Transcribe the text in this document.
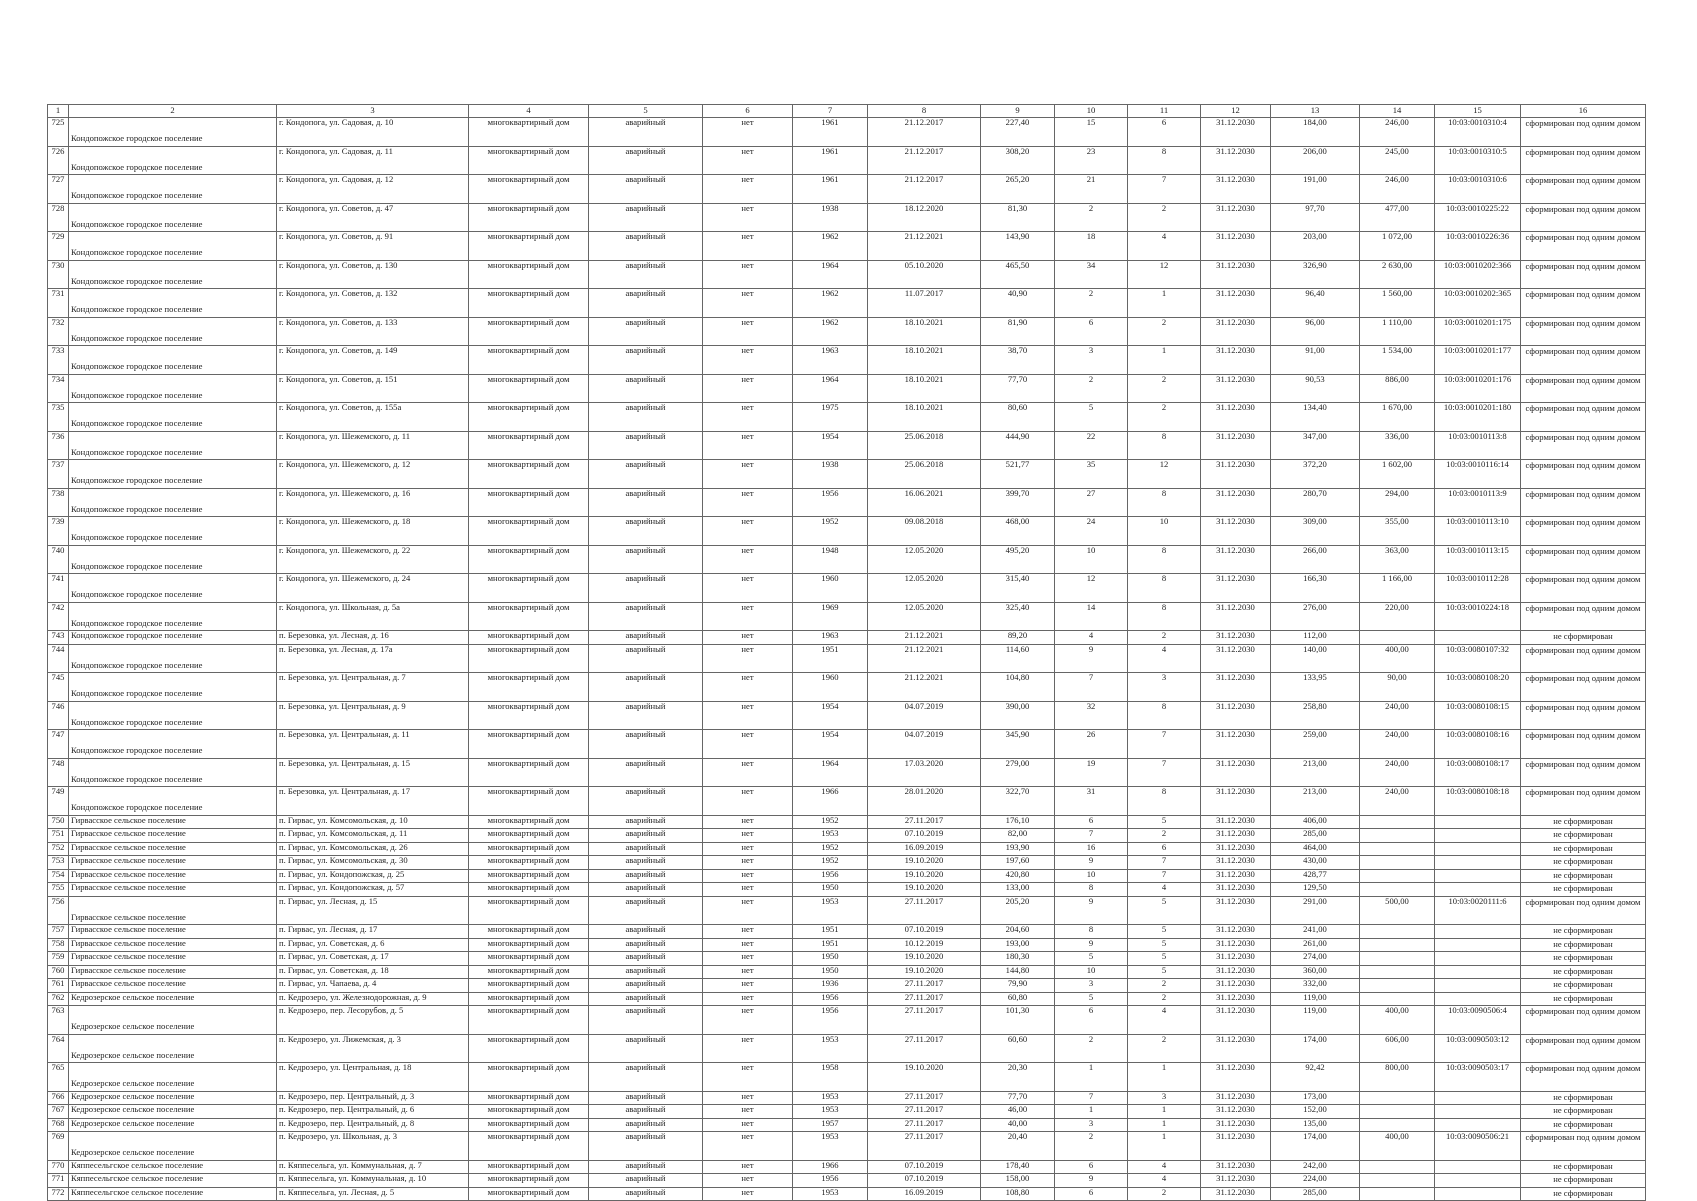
1	2	3	4	5	6	7	8	9	10	11	12	13	14	15	16
725	Кондопожское городское поселение	г. Кондопога, ул. Садовая, д. 10	многоквартирный дом	аварийный	нет	1961	21.12.2017	227,40	15	6	31.12.2030	184,00	246,00	10:03:0010310:4	сформирован под одним домом
726	Кондопожское городское поселение	г. Кондопога, ул. Садовая, д. 11	многоквартирный дом	аварийный	нет	1961	21.12.2017	308,20	23	8	31.12.2030	206,00	245,00	10:03:0010310:5	сформирован под одним домом
727	Кондопожское городское поселение	г. Кондопога, ул. Садовая, д. 12	многоквартирный дом	аварийный	нет	1961	21.12.2017	265,20	21	7	31.12.2030	191,00	246,00	10:03:0010310:6	сформирован под одним домом
728	Кондопожское городское поселение	г. Кондопога, ул. Советов, д. 47	многоквартирный дом	аварийный	нет	1938	18.12.2020	81,30	2	2	31.12.2030	97,70	477,00	10:03:0010225:22	сформирован под одним домом
729	Кондопожское городское поселение	г. Кондопога, ул. Советов, д. 91	многоквартирный дом	аварийный	нет	1962	21.12.2021	143,90	18	4	31.12.2030	203,00	1 072,00	10:03:0010226:36	сформирован под одним домом
730	Кондопожское городское поселение	г. Кондопога, ул. Советов, д. 130	многоквартирный дом	аварийный	нет	1964	05.10.2020	465,50	34	12	31.12.2030	326,90	2 630,00	10:03:0010202:366	сформирован под одним домом
731	Кондопожское городское поселение	г. Кондопога, ул. Советов, д. 132	многоквартирный дом	аварийный	нет	1962	11.07.2017	40,90	2	1	31.12.2030	96,40	1 560,00	10:03:0010202:365	сформирован под одним домом
732	Кондопожское городское поселение	г. Кондопога, ул. Советов, д. 133	многоквартирный дом	аварийный	нет	1962	18.10.2021	81,90	6	2	31.12.2030	96,00	1 110,00	10:03:0010201:175	сформирован под одним домом
733	Кондопожское городское поселение	г. Кондопога, ул. Советов, д. 149	многоквартирный дом	аварийный	нет	1963	18.10.2021	38,70	3	1	31.12.2030	91,00	1 534,00	10:03:0010201:177	сформирован под одним домом
734	Кондопожское городское поселение	г. Кондопога, ул. Советов, д. 151	многоквартирный дом	аварийный	нет	1964	18.10.2021	77,70	2	2	31.12.2030	90,53	886,00	10:03:0010201:176	сформирован под одним домом
735	Кондопожское городское поселение	г. Кондопога, ул. Советов, д. 155а	многоквартирный дом	аварийный	нет	1975	18.10.2021	80,60	5	2	31.12.2030	134,40	1 670,00	10:03:0010201:180	сформирован под одним домом
736	Кондопожское городское поселение	г. Кондопога, ул. Шежемского, д. 11	многоквартирный дом	аварийный	нет	1954	25.06.2018	444,90	22	8	31.12.2030	347,00	336,00	10:03:0010113:8	сформирован под одним домом
737	Кондопожское городское поселение	г. Кондопога, ул. Шежемского, д. 12	многоквартирный дом	аварийный	нет	1938	25.06.2018	521,77	35	12	31.12.2030	372,20	1 602,00	10:03:0010116:14	сформирован под одним домом
738	Кондопожское городское поселение	г. Кондопога, ул. Шежемского, д. 16	многоквартирный дом	аварийный	нет	1956	16.06.2021	399,70	27	8	31.12.2030	280,70	294,00	10:03:0010113:9	сформирован под одним домом
739	Кондопожское городское поселение	г. Кондопога, ул. Шежемского, д. 18	многоквартирный дом	аварийный	нет	1952	09.08.2018	468,00	24	10	31.12.2030	309,00	355,00	10:03:0010113:10	сформирован под одним домом
740	Кондопожское городское поселение	г. Кондопога, ул. Шежемского, д. 22	многоквартирный дом	аварийный	нет	1948	12.05.2020	495,20	10	8	31.12.2030	266,00	363,00	10:03:0010113:15	сформирован под одним домом
741	Кондопожское городское поселение	г. Кондопога, ул. Шежемского, д. 24	многоквартирный дом	аварийный	нет	1960	12.05.2020	315,40	12	8	31.12.2030	166,30	1 166,00	10:03:0010112:28	сформирован под одним домом
742	Кондопожское городское поселение	г. Кондопога, ул. Школьная, д. 5а	многоквартирный дом	аварийный	нет	1969	12.05.2020	325,40	14	8	31.12.2030	276,00	220,00	10:03:0010224:18	сформирован под одним домом
743	Кондопожское городское поселение	п. Березовка, ул. Лесная, д. 16	многоквартирный дом	аварийный	нет	1963	21.12.2021	89,20	4	2	31.12.2030	112,00			не сформирован
744	Кондопожское городское поселение	п. Березовка, ул. Лесная, д. 17а	многоквартирный дом	аварийный	нет	1951	21.12.2021	114,60	9	4	31.12.2030	140,00	400,00	10:03:0080107:32	сформирован под одним домом
745	Кондопожское городское поселение	п. Березовка, ул. Центральная, д. 7	многоквартирный дом	аварийный	нет	1960	21.12.2021	104,80	7	3	31.12.2030	133,95	90,00	10:03:0080108:20	сформирован под одним домом
746	Кондопожское городское поселение	п. Березовка, ул. Центральная, д. 9	многоквартирный дом	аварийный	нет	1954	04.07.2019	390,00	32	8	31.12.2030	258,80	240,00	10:03:0080108:15	сформирован под одним домом
747	Кондопожское городское поселение	п. Березовка, ул. Центральная, д. 11	многоквартирный дом	аварийный	нет	1954	04.07.2019	345,90	26	7	31.12.2030	259,00	240,00	10:03:0080108:16	сформирован под одним домом
748	Кондопожское городское поселение	п. Березовка, ул. Центральная, д. 15	многоквартирный дом	аварийный	нет	1964	17.03.2020	279,00	19	7	31.12.2030	213,00	240,00	10:03:0080108:17	сформирован под одним домом
749	Кондопожское городское поселение	п. Березовка, ул. Центральная, д. 17	многоквартирный дом	аварийный	нет	1966	28.01.2020	322,70	31	8	31.12.2030	213,00	240,00	10:03:0080108:18	сформирован под одним домом
750	Гирвасское сельское поселение	п. Гирвас, ул. Комсомольская, д. 10	многоквартирный дом	аварийный	нет	1952	27.11.2017	176,10	6	5	31.12.2030	406,00			не сформирован
751	Гирвасское сельское поселение	п. Гирвас, ул. Комсомольская, д. 11	многоквартирный дом	аварийный	нет	1953	07.10.2019	82,00	7	2	31.12.2030	285,00			не сформирован
752	Гирвасское сельское поселение	п. Гирвас, ул. Комсомольская, д. 26	многоквартирный дом	аварийный	нет	1952	16.09.2019	193,90	16	6	31.12.2030	464,00			не сформирован
753	Гирвасское сельское поселение	п. Гирвас, ул. Комсомольская, д. 30	многоквартирный дом	аварийный	нет	1952	19.10.2020	197,60	9	7	31.12.2030	430,00			не сформирован
754	Гирвасское сельское поселение	п. Гирвас, ул. Кондопожская, д. 25	многоквартирный дом	аварийный	нет	1956	19.10.2020	420,80	10	7	31.12.2030	428,77			не сформирован
755	Гирвасское сельское поселение	п. Гирвас, ул. Кондопожская, д. 57	многоквартирный дом	аварийный	нет	1950	19.10.2020	133,00	8	4	31.12.2030	129,50			не сформирован
756	Гирвасское сельское поселение	п. Гирвас, ул. Лесная, д. 15	многоквартирный дом	аварийный	нет	1953	27.11.2017	205,20	9	5	31.12.2030	291,00	500,00	10:03:0020111:6	сформирован под одним домом
757	Гирвасское сельское поселение	п. Гирвас, ул. Лесная, д. 17	многоквартирный дом	аварийный	нет	1951	07.10.2019	204,60	8	5	31.12.2030	241,00			не сформирован
758	Гирвасское сельское поселение	п. Гирвас, ул. Советская, д. 6	многоквартирный дом	аварийный	нет	1951	10.12.2019	193,00	9	5	31.12.2030	261,00			не сформирован
759	Гирвасское сельское поселение	п. Гирвас, ул. Советская, д. 17	многоквартирный дом	аварийный	нет	1950	19.10.2020	180,30	5	5	31.12.2030	274,00			не сформирован
760	Гирвасское сельское поселение	п. Гирвас, ул. Советская, д. 18	многоквартирный дом	аварийный	нет	1950	19.10.2020	144,80	10	5	31.12.2030	360,00			не сформирован
761	Гирвасское сельское поселение	п. Гирвас, ул. Чапаева, д. 4	многоквартирный дом	аварийный	нет	1936	27.11.2017	79,90	3	2	31.12.2030	332,00			не сформирован
762	Кедрозерское сельское поселение	п. Кедрозеро, ул. Железнодорожная, д. 9	многоквартирный дом	аварийный	нет	1956	27.11.2017	60,80	5	2	31.12.2030	119,00			не сформирован
763	Кедрозерское сельское поселение	п. Кедрозеро, пер. Лесорубов, д. 5	многоквартирный дом	аварийный	нет	1956	27.11.2017	101,30	6	4	31.12.2030	119,00	400,00	10:03:0090506:4	сформирован под одним домом
764	Кедрозерское сельское поселение	п. Кедрозеро, ул. Лижемская, д. 3	многоквартирный дом	аварийный	нет	1953	27.11.2017	60,60	2	2	31.12.2030	174,00	606,00	10:03:0090503:12	сформирован под одним домом
765	Кедрозерское сельское поселение	п. Кедрозеро, ул. Центральная, д. 18	многоквартирный дом	аварийный	нет	1958	19.10.2020	20,30	1	1	31.12.2030	92,42	800,00	10:03:0090503:17	сформирован под одним домом
766	Кедрозерское сельское поселение	п. Кедрозеро, пер. Центральный, д. 3	многоквартирный дом	аварийный	нет	1953	27.11.2017	77,70	7	3	31.12.2030	173,00			не сформирован
767	Кедрозерское сельское поселение	п. Кедрозеро, пер. Центральный, д. 6	многоквартирный дом	аварийный	нет	1953	27.11.2017	46,00	1	1	31.12.2030	152,00			не сформирован
768	Кедрозерское сельское поселение	п. Кедрозеро, пер. Центральный, д. 8	многоквартирный дом	аварийный	нет	1957	27.11.2017	40,00	3	1	31.12.2030	135,00			не сформирован
769	Кедрозерское сельское поселение	п. Кедрозеро, ул. Школьная, д. 3	многоквартирный дом	аварийный	нет	1953	27.11.2017	20,40	2	1	31.12.2030	174,00	400,00	10:03:0090506:21	сформирован под одним домом
770	Кяппесельгское сельское поселение	п. Кяппесельга, ул. Коммунальная, д. 7	многоквартирный дом	аварийный	нет	1966	07.10.2019	178,40	6	4	31.12.2030	242,00			не сформирован
771	Кяппесельгское сельское поселение	п. Кяппесельга, ул. Коммунальная, д. 10	многоквартирный дом	аварийный	нет	1956	07.10.2019	158,00	9	4	31.12.2030	224,00			не сформирован
772	Кяппесельгское сельское поселение	п. Кяппесельга, ул. Лесная, д. 5	многоквартирный дом	аварийный	нет	1953	16.09.2019	108,80	6	2	31.12.2030	285,00			не сформирован
